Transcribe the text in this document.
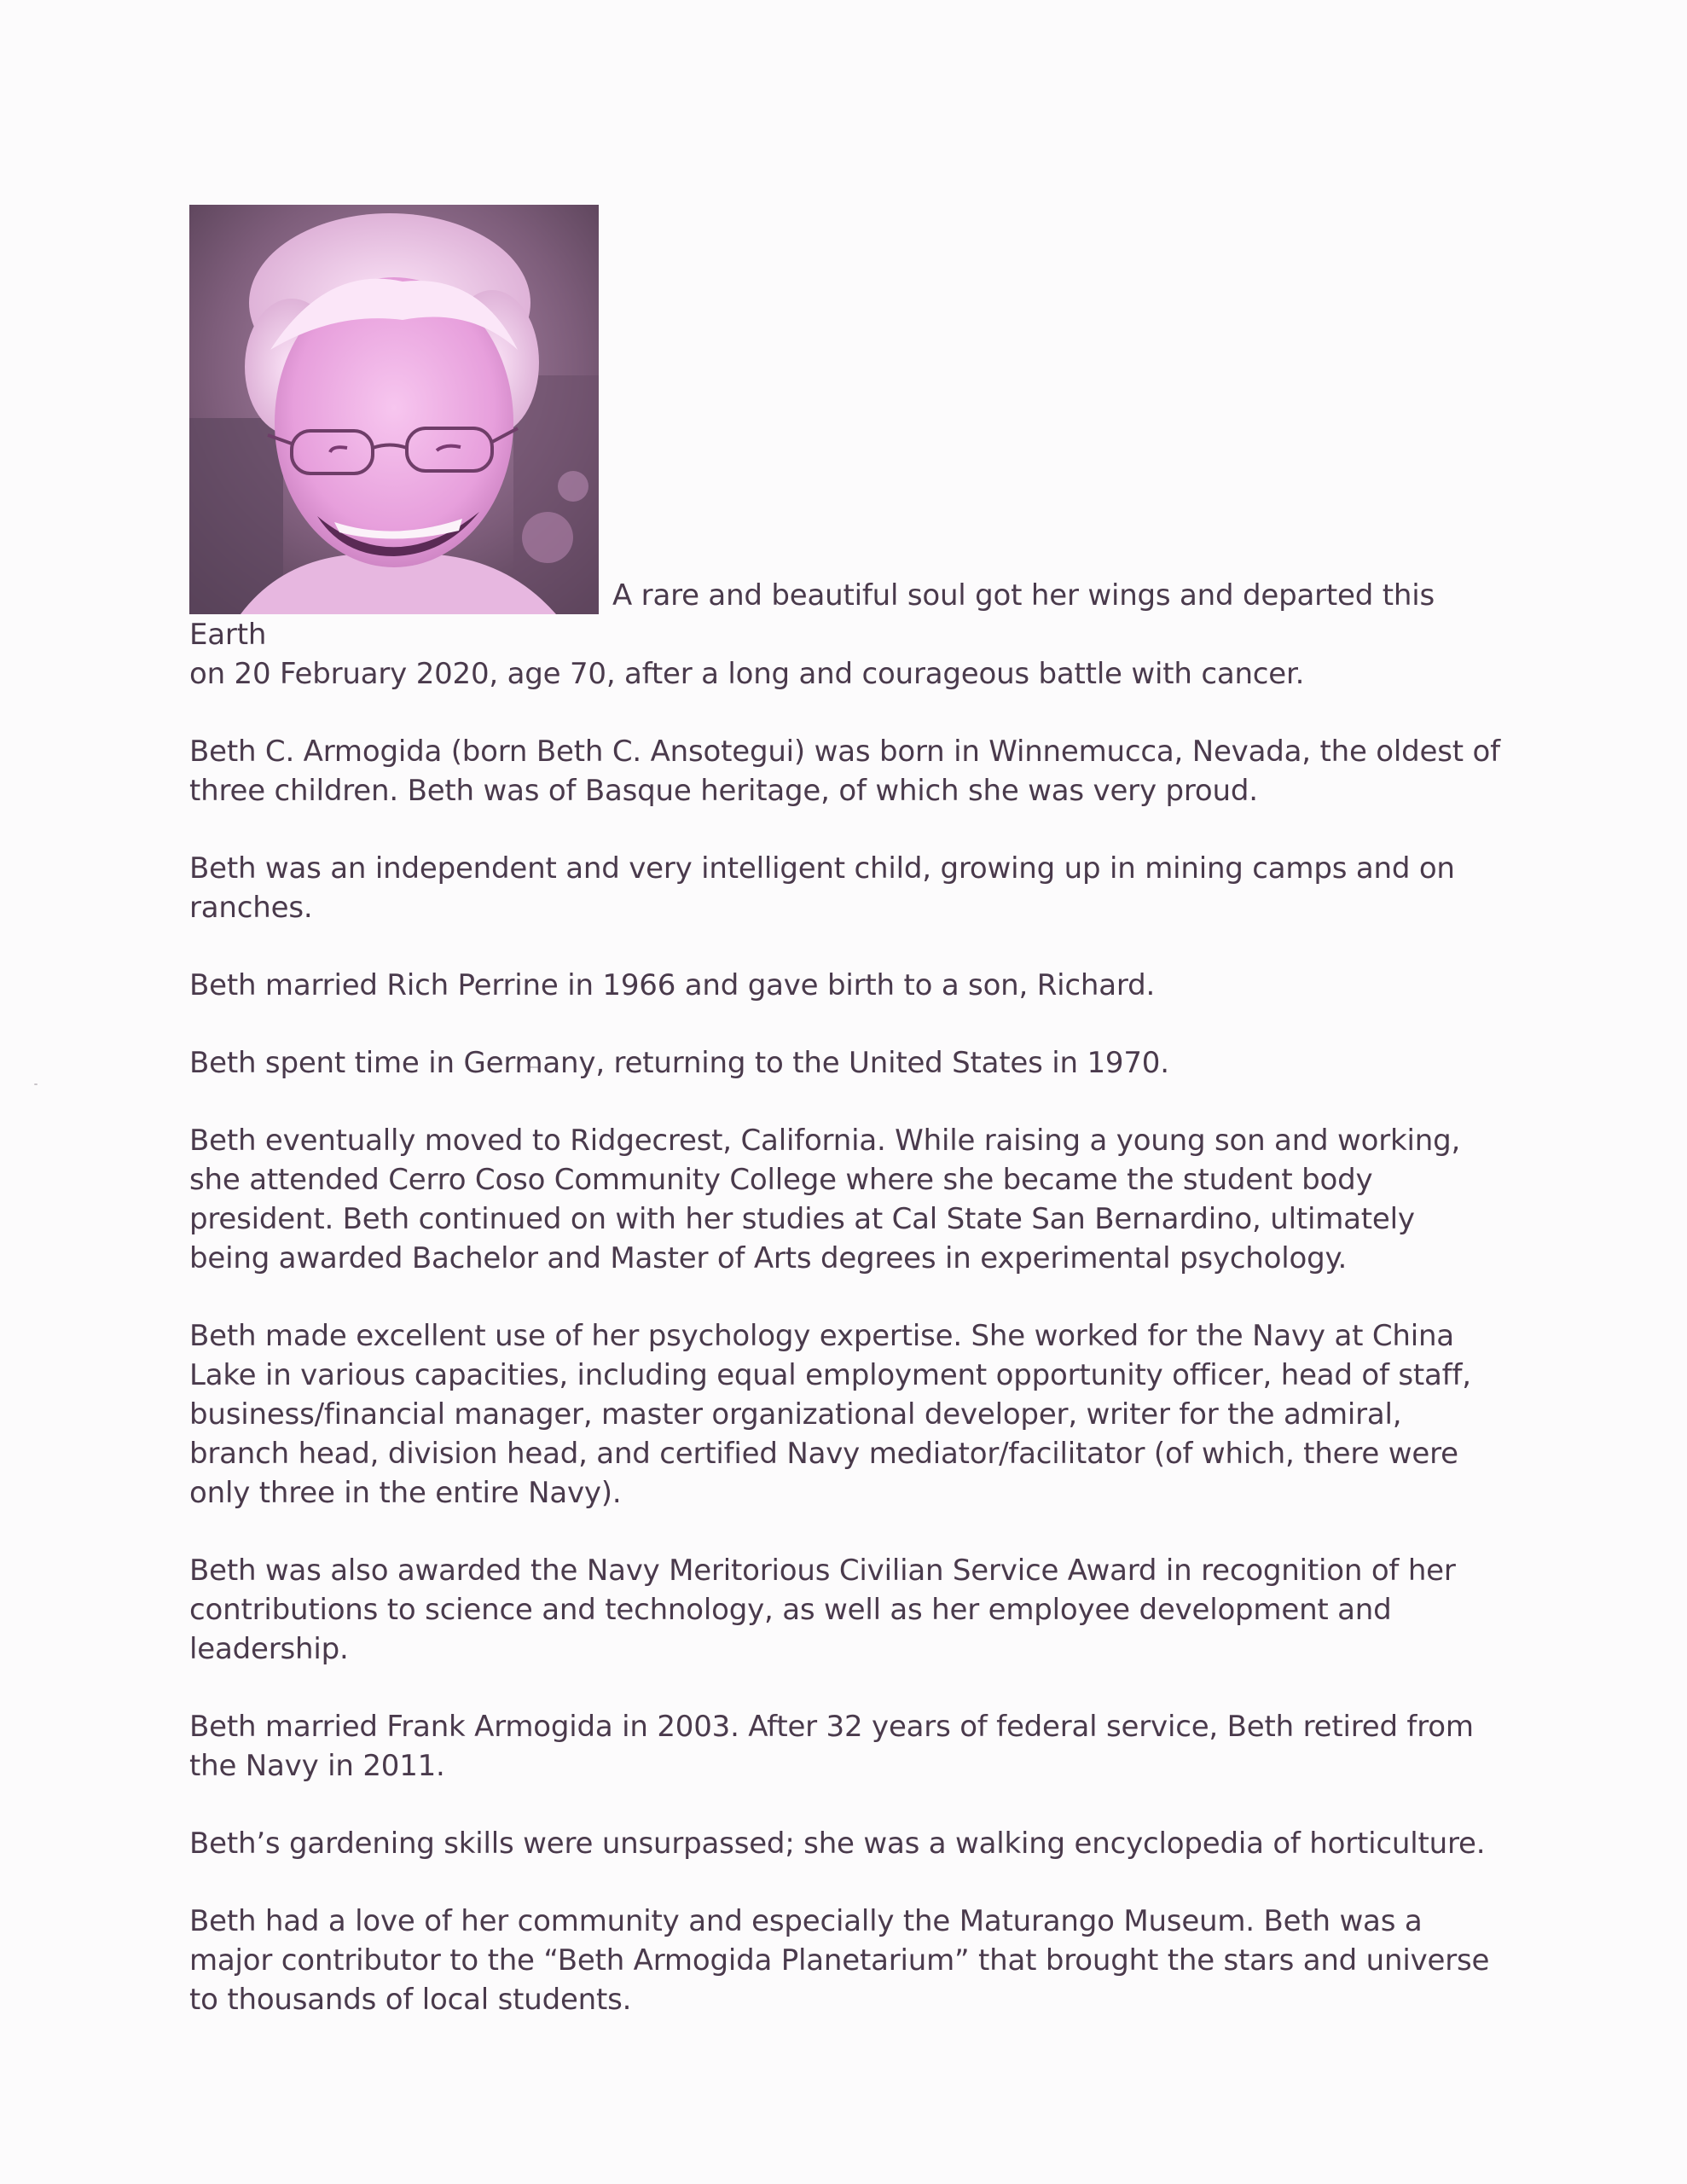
A rare and beautiful soul got her wings and departed this Earth
on 20 February 2020, age 70, after a long and courageous battle with cancer.

Beth C. Armogida (born Beth C. Ansotegui) was born in Winnemucca, Nevada, the oldest of three children. Beth was of Basque heritage, of which she was very proud.

Beth was an independent and very intelligent child, growing up in mining camps and on ranches.

Beth married Rich Perrine in 1966 and gave birth to a son, Richard.

Beth spent time in Germany, returning to the United States in 1970.

Beth eventually moved to Ridgecrest, California. While raising a young son and working, she attended Cerro Coso Community College where she became the student body president. Beth continued on with her studies at Cal State San Bernardino, ultimately being awarded Bachelor and Master of Arts degrees in experimental psychology.

Beth made excellent use of her psychology expertise. She worked for the Navy at China Lake in various capacities, including equal employment opportunity officer, head of staff, business/financial manager, master organizational developer, writer for the admiral, branch head, division head, and certified Navy mediator/facilitator (of which, there were only three in the entire Navy).

Beth was also awarded the Navy Meritorious Civilian Service Award in recognition of her contributions to science and technology, as well as her employee development and leadership.

Beth married Frank Armogida in 2003. After 32 years of federal service, Beth retired from the Navy in 2011.

Beth’s gardening skills were unsurpassed; she was a walking encyclopedia of horticulture.

Beth had a love of her community and especially the Maturango Museum. Beth was a major contributor to the “Beth Armogida Planetarium” that brought the stars and universe to thousands of local students.
